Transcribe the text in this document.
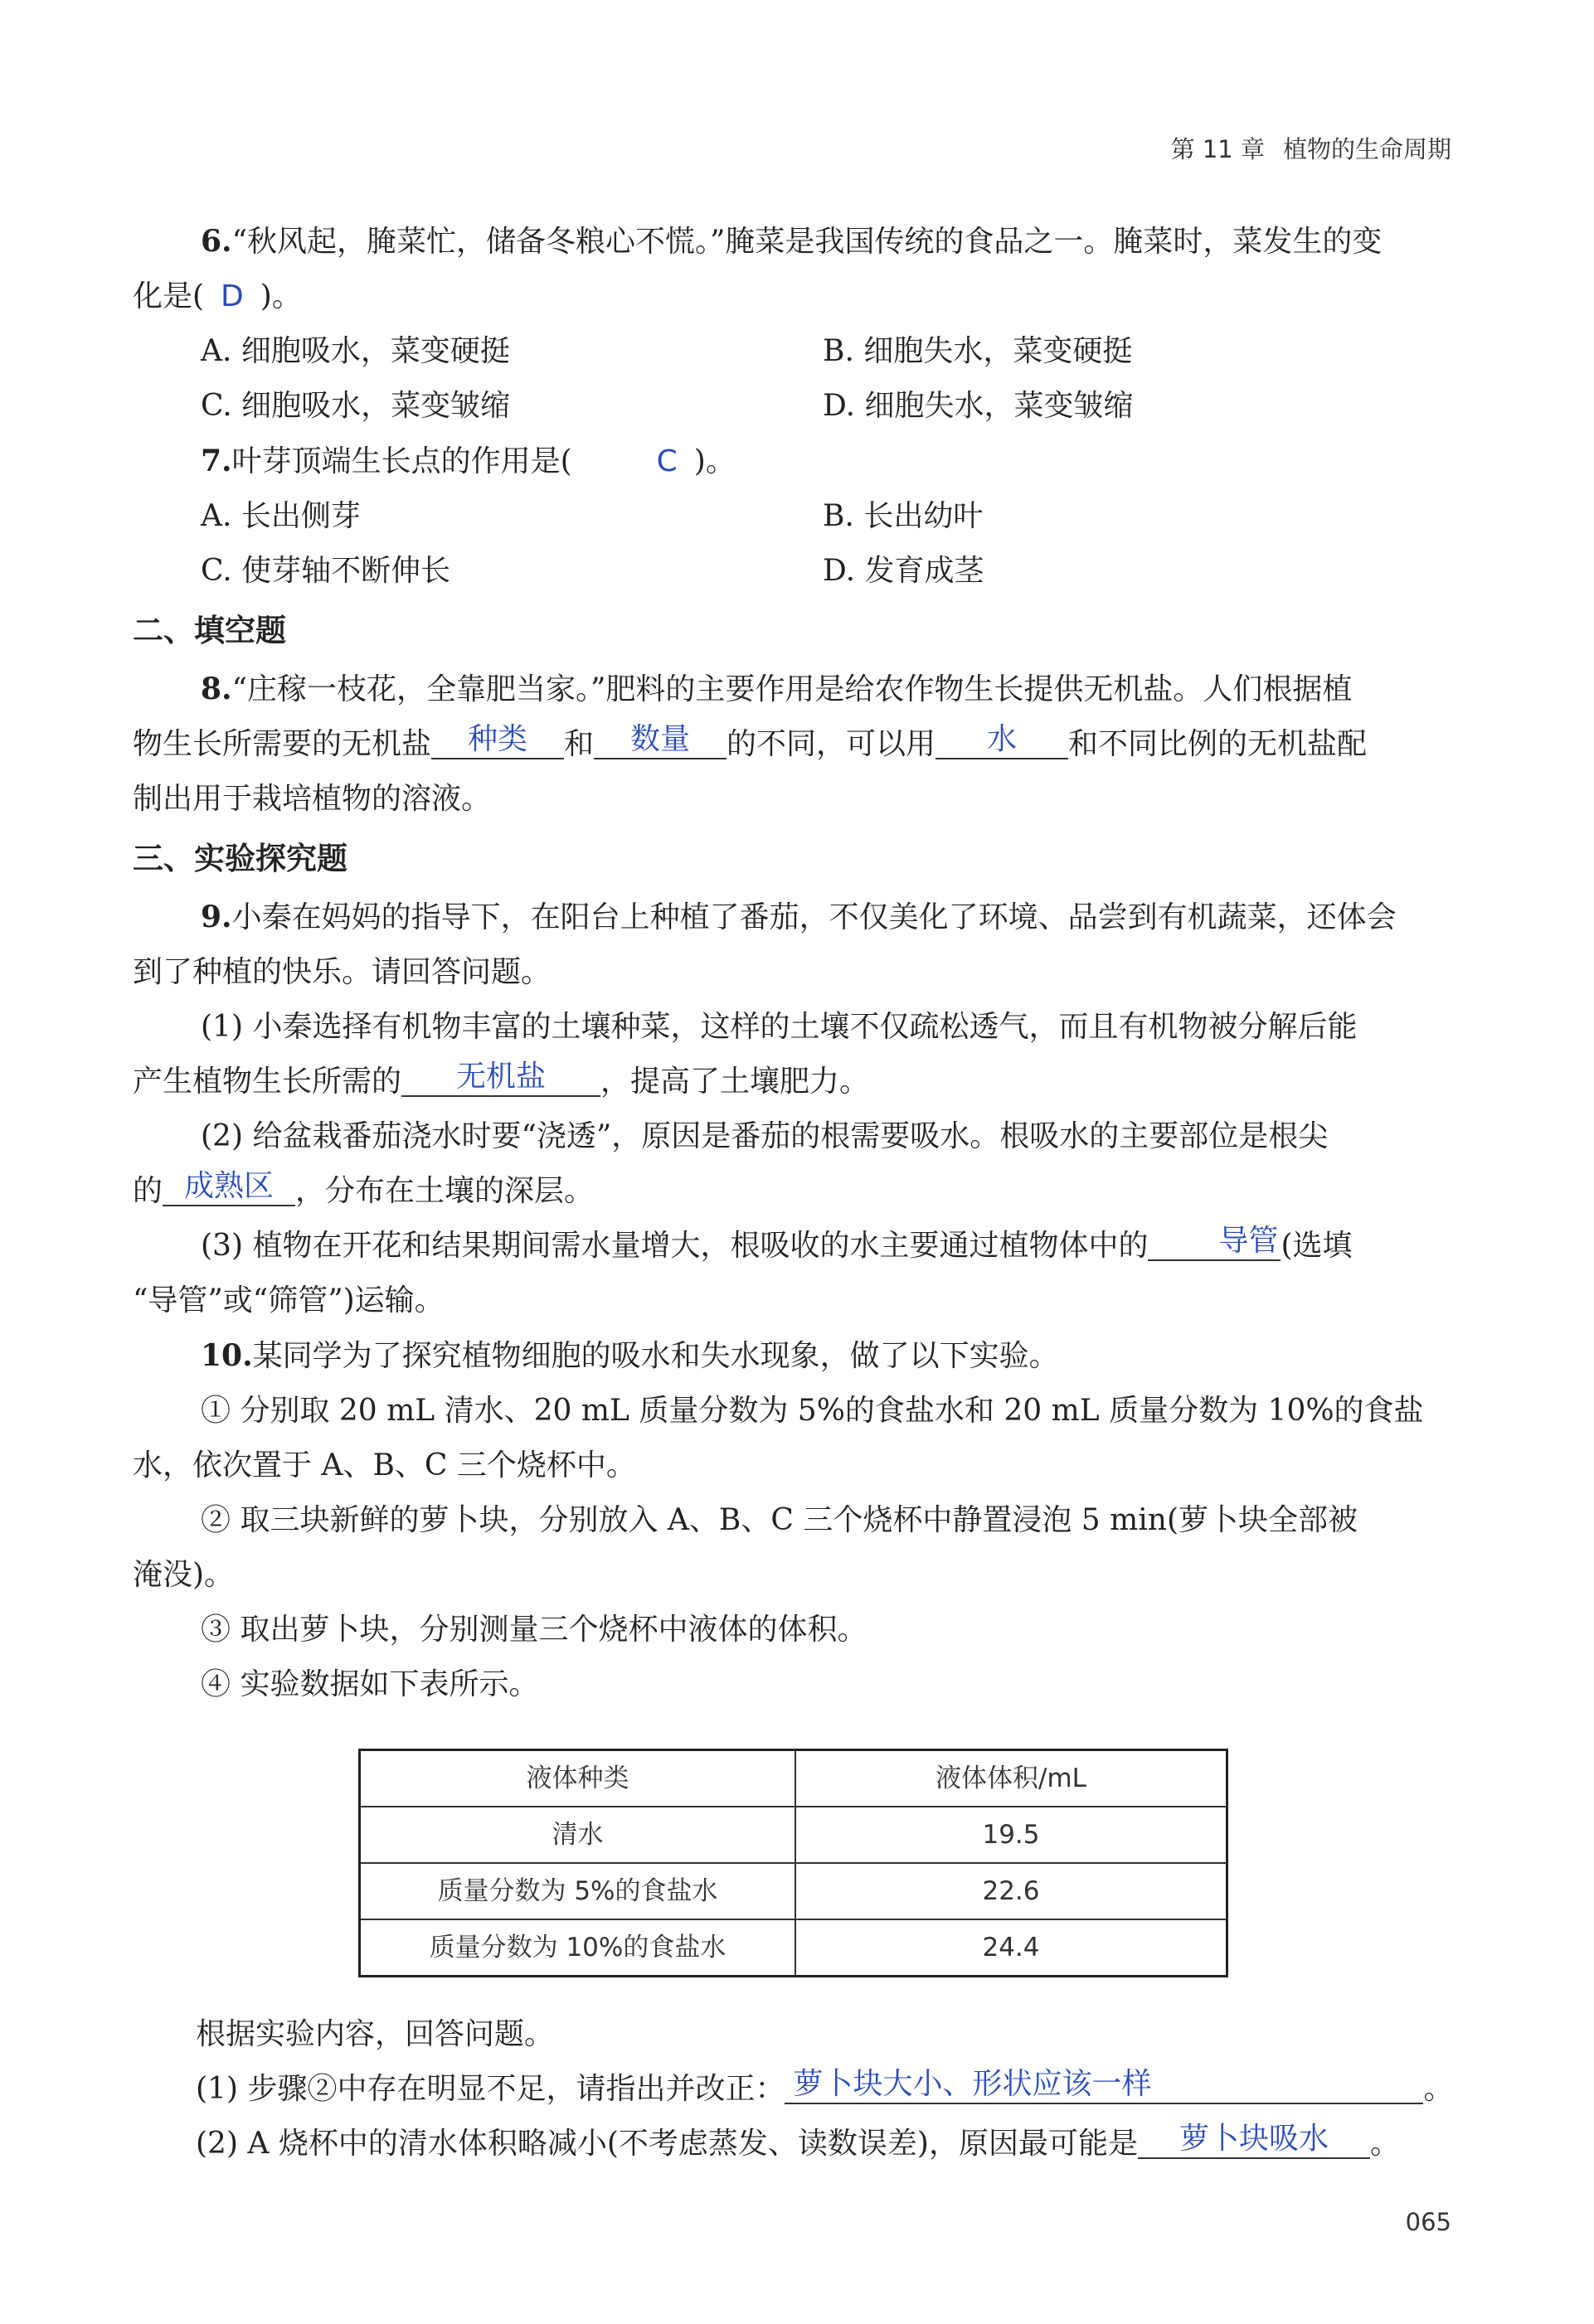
第 11 章 植物的生命周期

6.“秋风起，腌菜忙，储备冬粮心不慌。”腌菜是我国传统的食品之一。腌菜时，菜发生的变

化是( D )。

A. 细胞吸水，菜变硬挺	B. 细胞失水，菜变硬挺
C. 细胞吸水，菜变皱缩	D. 细胞失水，菜变皱缩

7.叶芽顶端生长点的作用是(	C )。

A. 长出侧芽	B. 长出幼叶
C. 使芽轴不断伸长	D. 发育成茎

二、填空题

8.“庄稼一枝花，全靠肥当家。”肥料的主要作用是给农作物生长提供无机盐。人们根据植

物生长所需要的无机盐 种类 和 数量 的不同，可以用 水 和不同比例的无机盐配

制出用于栽培植物的溶液。

三、实验探究题

9.小秦在妈妈的指导下，在阳台上种植了番茄，不仅美化了环境、品尝到有机蔬菜，还体会

到了种植的快乐。请回答问题。

(1) 小秦选择有机物丰富的土壤种菜，这样的土壤不仅疏松透气，而且有机物被分解后能

产生植物生长所需的 无机盐 ，提高了土壤肥力。

(2) 给盆栽番茄浇水时要“浇透”，原因是番茄的根需要吸水。根吸水的主要部位是根尖

的 成熟区 ，分布在土壤的深层。

(3) 植物在开花和结果期间需水量增大，根吸收的水主要通过植物体中的 导管(选填

“导管”或“筛管”)运输。

10.某同学为了探究植物细胞的吸水和失水现象，做了以下实验。

① 分别取 20 mL 清水、20 mL 质量分数为 5%的食盐水和 20 mL 质量分数为 10%的食盐

水，依次置于 A、B、C 三个烧杯中。

② 取三块新鲜的萝卜块，分别放入 A、B、C 三个烧杯中静置浸泡 5 min(萝卜块全部被

淹没)。

③ 取出萝卜块，分别测量三个烧杯中液体的体积。

④ 实验数据如下表所示。

液体种类	液体体积/mL
清水	19.5
质量分数为 5%的食盐水	22.6
质量分数为 10%的食盐水	24.4

根据实验内容，回答问题。

(1) 步骤②中存在明显不足，请指出并改正： 萝卜块大小、形状应该一样	。

(2) A 烧杯中的清水体积略减小(不考虑蒸发、读数误差)，原因最可能是 萝卜块吸水 。

065
